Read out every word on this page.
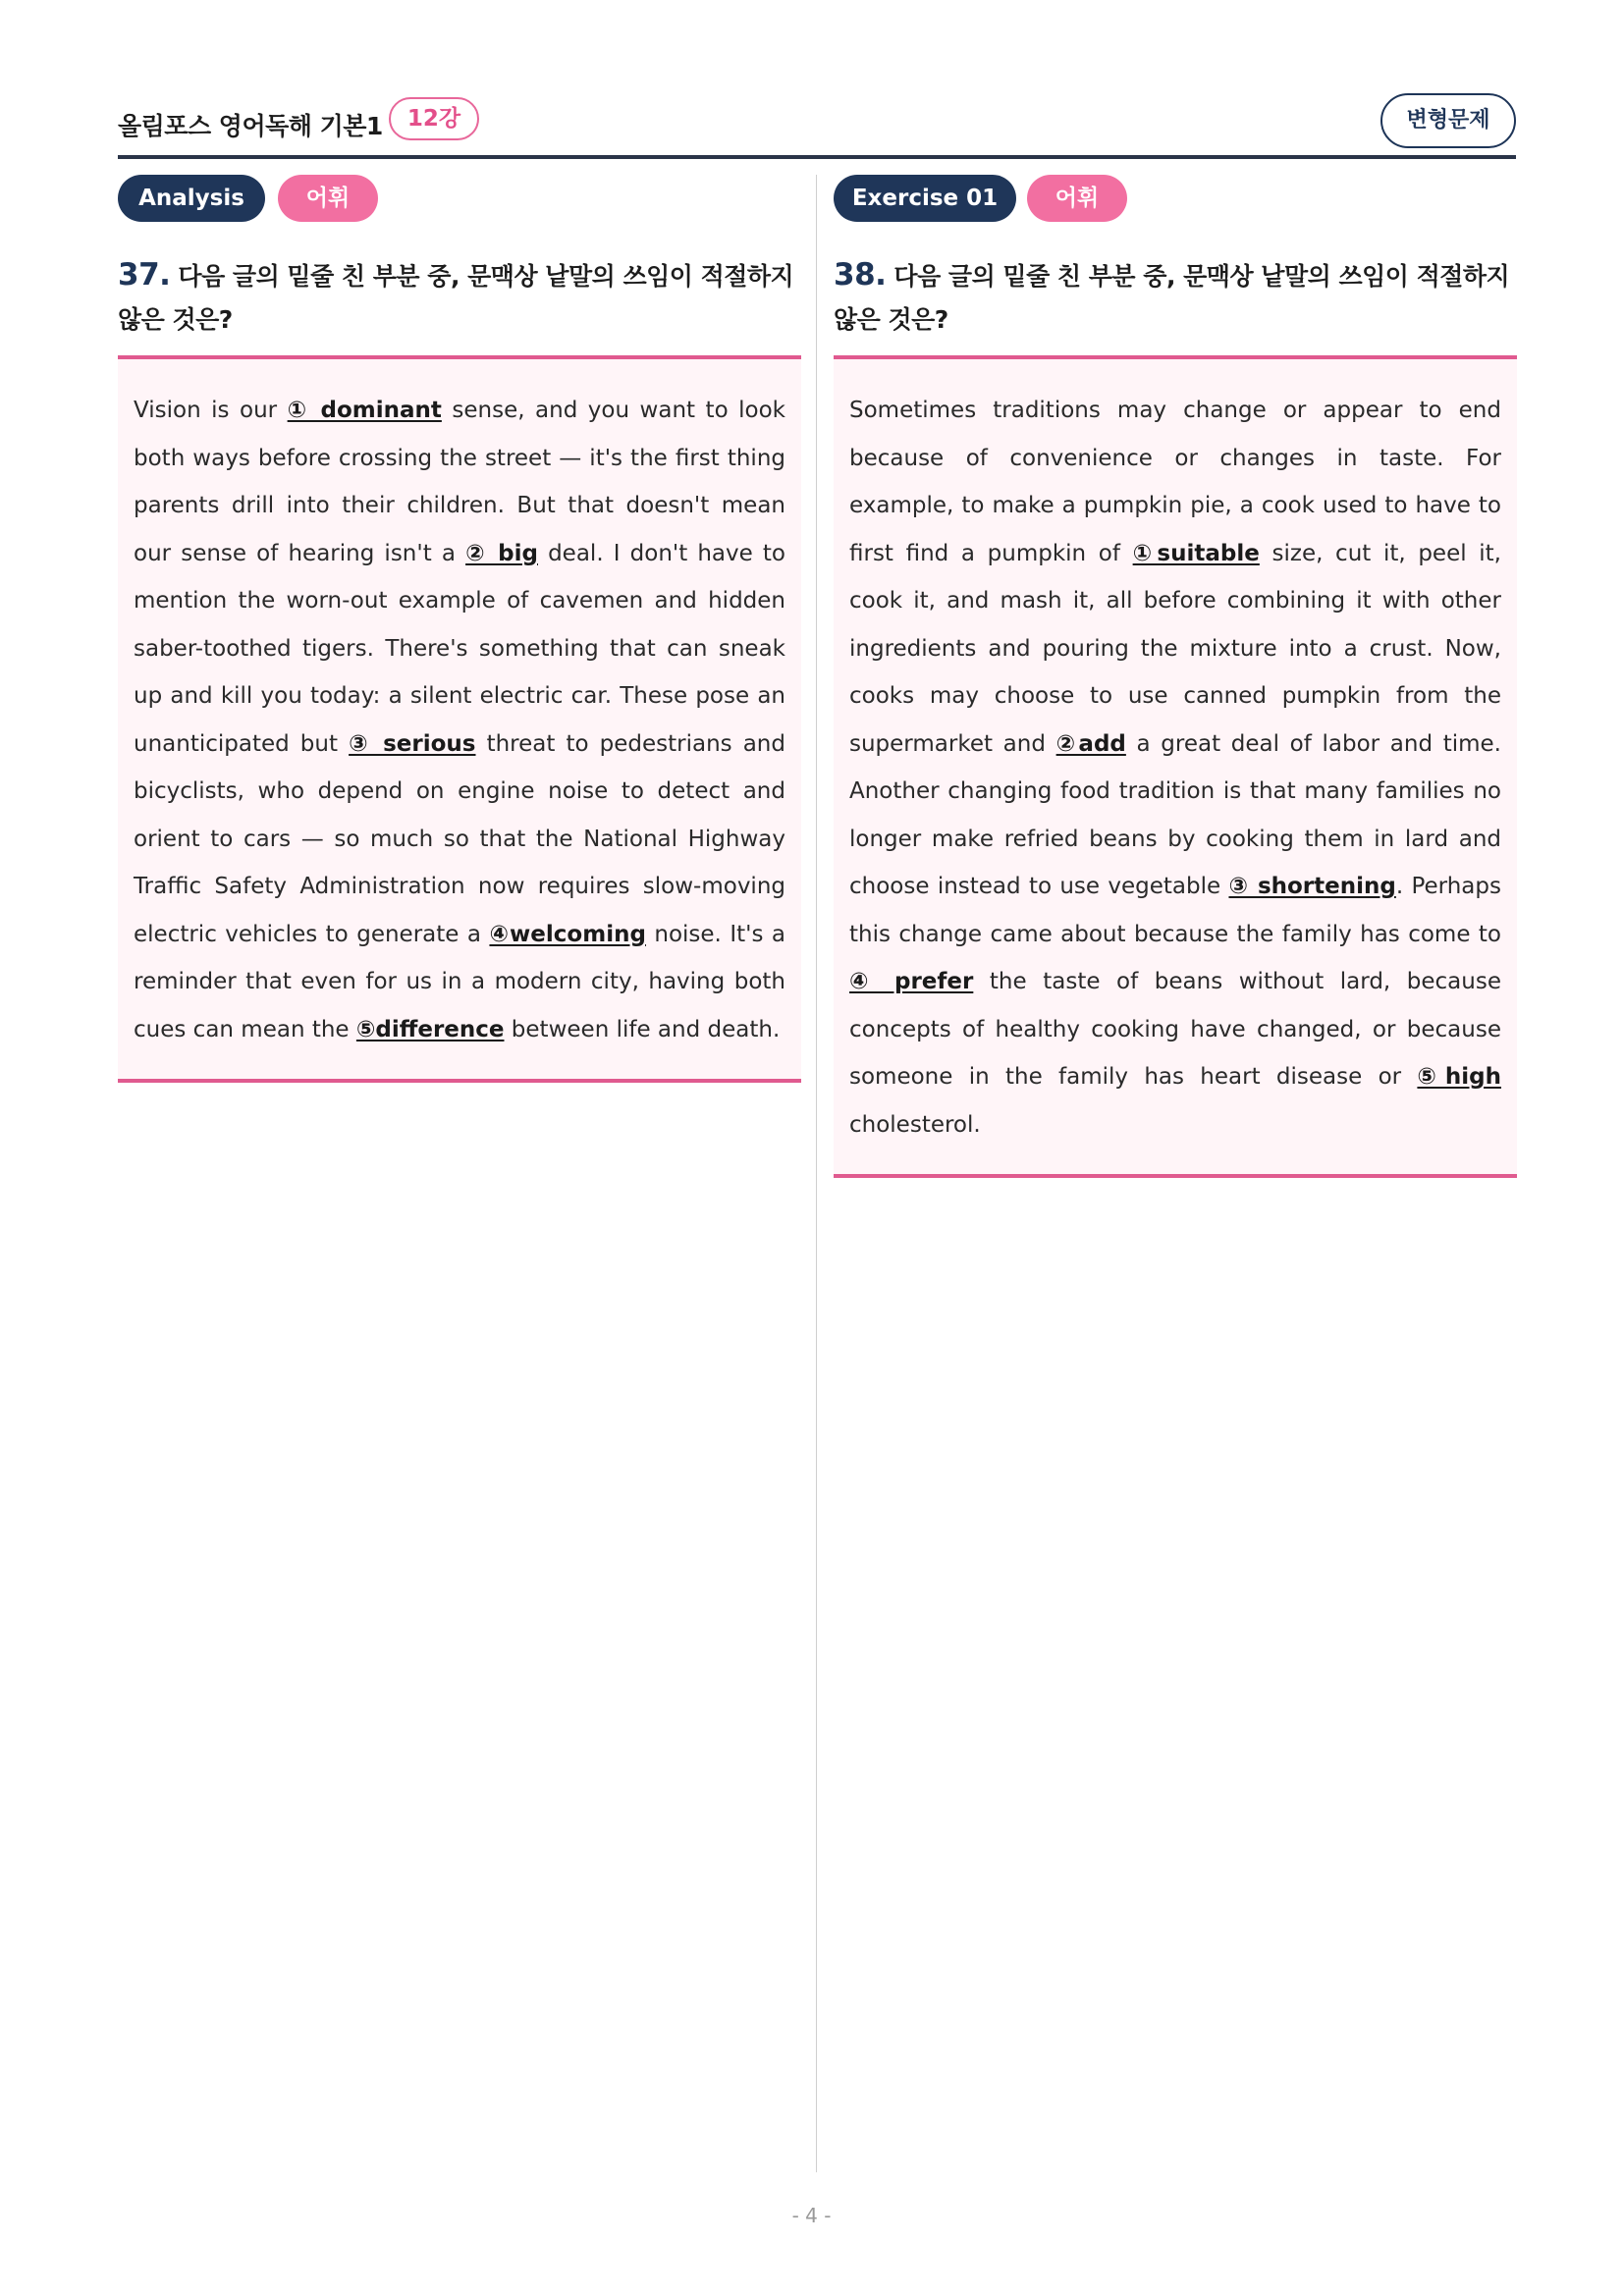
올림포스 영어독해 기본1	12강	변형문제
Analysis	어휘
37. 다음 글의 밑줄 친 부분 중, 문맥상 낱말의 쓰임이 적절하지 않은 것은?
Vision is our ① dominant sense, and you want to look both ways before crossing the street — it's the first thing parents drill into their children. But that doesn't mean our sense of hearing isn't a ② big deal. I don't have to mention the worn-out example of cavemen and hidden saber-toothed tigers. There's something that can sneak up and kill you today: a silent electric car. These pose an unanticipated but ③ serious threat to pedestrians and bicyclists, who depend on engine noise to detect and orient to cars — so much so that the National Highway Traffic Safety Administration now requires slow-moving electric vehicles to generate a ④welcoming noise. It's a reminder that even for us in a modern city, having both cues can mean the ⑤difference between life and death.
Exercise 01	어휘
38. 다음 글의 밑줄 친 부분 중, 문맥상 낱말의 쓰임이 적절하지 않은 것은?
Sometimes traditions may change or appear to end because of convenience or changes in taste. For example, to make a pumpkin pie, a cook used to have to first find a pumpkin of ①suitable size, cut it, peel it, cook it, and mash it, all before combining it with other ingredients and pouring the mixture into a crust. Now, cooks may choose to use canned pumpkin from the supermarket and ②add a great deal of labor and time. Another changing food tradition is that many families no longer make refried beans by cooking them in lard and choose instead to use vegetable ③ shortening. Perhaps this change came about because the family has come to ④ prefer the taste of beans without lard, because concepts of healthy cooking have changed, or because someone in the family has heart disease or ⑤high cholesterol.
- 4 -
